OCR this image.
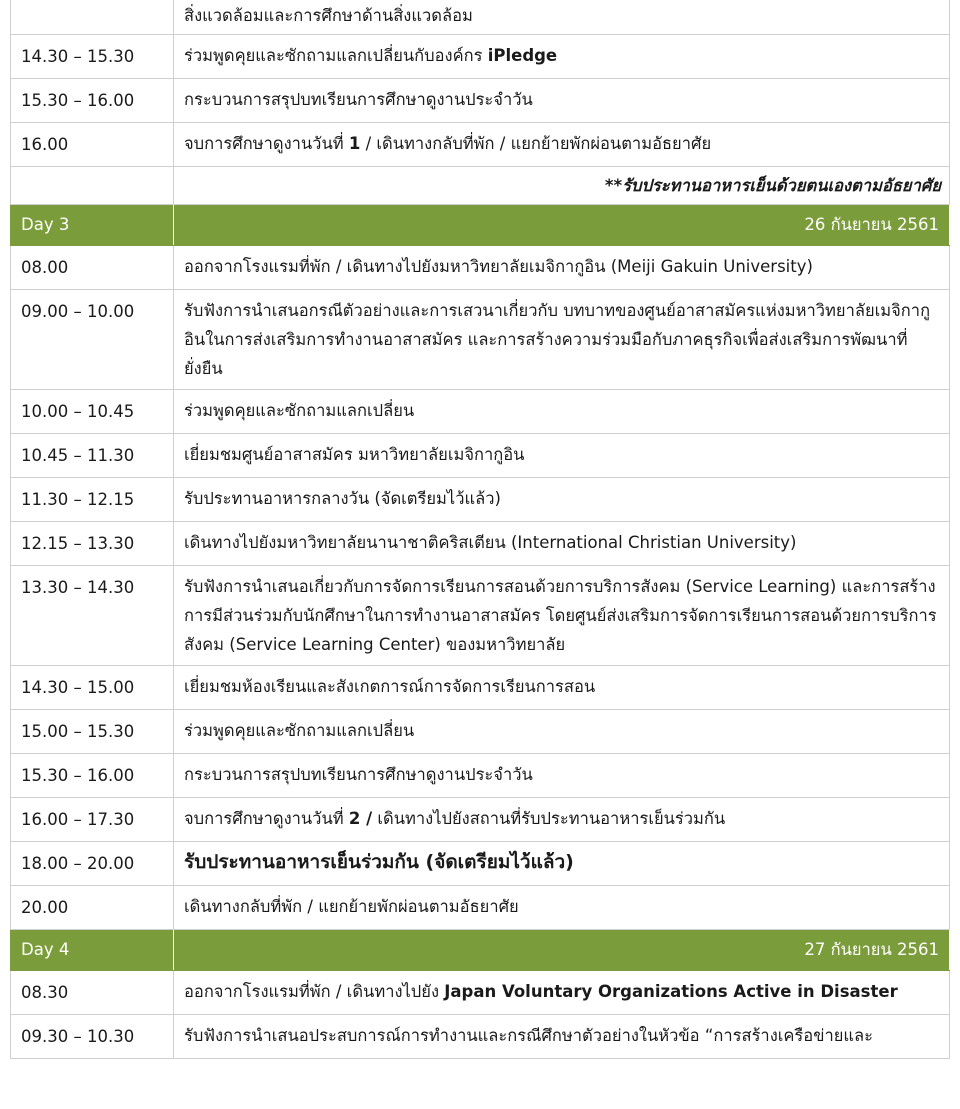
	สิ่งแวดล้อมและการศึกษาด้านสิ่งแวดล้อม
14.30 – 15.30	ร่วมพูดคุยและซักถามแลกเปลี่ยนกับองค์กร iPledge
15.30 – 16.00	กระบวนการสรุปบทเรียนการศึกษาดูงานประจำวัน
16.00	จบการศึกษาดูงานวันที่ 1 / เดินทางกลับที่พัก / แยกย้ายพักผ่อนตามอัธยาศัย
	**รับประทานอาหารเย็นด้วยตนเองตามอัธยาศัย
Day 3	26 กันยายน 2561
08.00	ออกจากโรงแรมที่พัก / เดินทางไปยังมหาวิทยาลัยเมจิกากูอิน (Meiji Gakuin University)
09.00 – 10.00	รับฟังการนำเสนอกรณีตัวอย่างและการเสวนาเกี่ยวกับ บทบาทของศูนย์อาสาสมัครแห่งมหาวิทยาลัยเมจิกากูอินในการส่งเสริมการทำงานอาสาสมัคร และการสร้างความร่วมมือกับภาคธุรกิจเพื่อส่งเสริมการพัฒนาที่ยั่งยืน
10.00 – 10.45	ร่วมพูดคุยและซักถามแลกเปลี่ยน
10.45 – 11.30	เยี่ยมชมศูนย์อาสาสมัคร มหาวิทยาลัยเมจิกากูอิน
11.30 – 12.15	รับประทานอาหารกลางวัน (จัดเตรียมไว้แล้ว)
12.15 – 13.30	เดินทางไปยังมหาวิทยาลัยนานาชาติคริสเตียน (International Christian University)
13.30 – 14.30	รับฟังการนำเสนอเกี่ยวกับการจัดการเรียนการสอนด้วยการบริการสังคม (Service Learning) และการสร้างการมีส่วนร่วมกับนักศึกษาในการทำงานอาสาสมัคร โดยศูนย์ส่งเสริมการจัดการเรียนการสอนด้วยการบริการสังคม (Service Learning Center) ของมหาวิทยาลัย
14.30 – 15.00	เยี่ยมชมห้องเรียนและสังเกตการณ์การจัดการเรียนการสอน
15.00 – 15.30	ร่วมพูดคุยและซักถามแลกเปลี่ยน
15.30 – 16.00	กระบวนการสรุปบทเรียนการศึกษาดูงานประจำวัน
16.00 – 17.30	จบการศึกษาดูงานวันที่ 2 / เดินทางไปยังสถานที่รับประทานอาหารเย็นร่วมกัน
18.00 – 20.00	รับประทานอาหารเย็นร่วมกัน (จัดเตรียมไว้แล้ว)
20.00	เดินทางกลับที่พัก / แยกย้ายพักผ่อนตามอัธยาศัย
Day 4	27 กันยายน 2561
08.30	ออกจากโรงแรมที่พัก / เดินทางไปยัง Japan Voluntary Organizations Active in Disaster
09.30 – 10.30	รับฟังการนำเสนอประสบการณ์การทำงานและกรณีศึกษาตัวอย่างในหัวข้อ “การสร้างเครือข่ายและ
